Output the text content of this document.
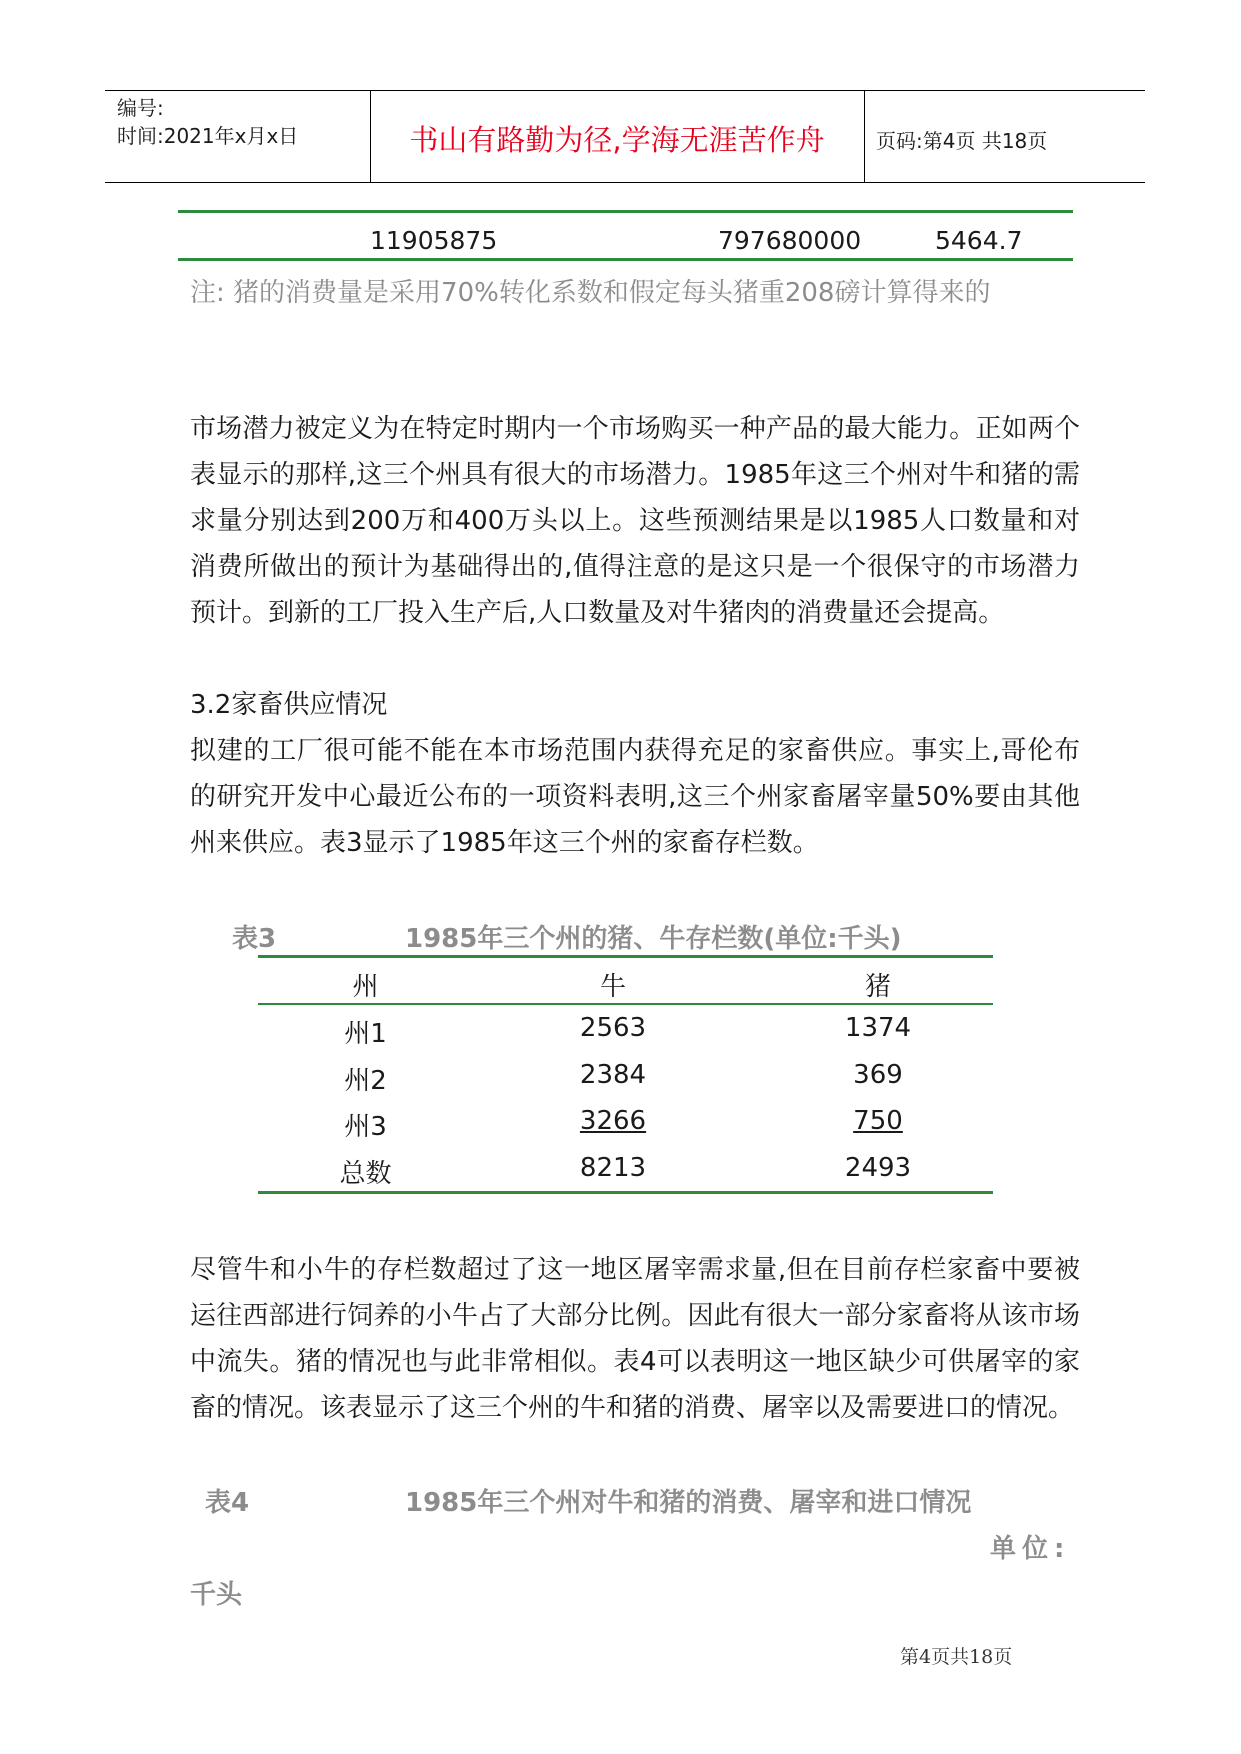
编号:
时间:2021年x月x日	书山有路勤为径,学海无涯苦作舟	页码:第4页 共18页
11905875	797680000	5464.7
注: 猪的消费量是采用70%转化系数和假定每头猪重208磅计算得来的

市场潜力被定义为在特定时期内一个市场购买一种产品的最大能力。正如两个表显示的那样,这三个州具有很大的市场潜力。1985年这三个州对牛和猪的需求量分别达到200万和400万头以上。这些预测结果是以1985人口数量和对消费所做出的预计为基础得出的,值得注意的是这只是一个很保守的市场潜力预计。到新的工厂投入生产后,人口数量及对牛猪肉的消费量还会提高。

3.2家畜供应情况

拟建的工厂很可能不能在本市场范围内获得充足的家畜供应。事实上,哥伦布的研究开发中心最近公布的一项资料表明,这三个州家畜屠宰量50%要由其他州来供应。表3显示了1985年这三个州的家畜存栏数。

表3	1985年三个州的猪、牛存栏数(单位:千头)
州	牛	猪
州1	2563	1374
州2	2384	369
州3	3266	750
总数	8213	2493

尽管牛和小牛的存栏数超过了这一地区屠宰需求量,但在目前存栏家畜中要被运往西部进行饲养的小牛占了大部分比例。因此有很大一部分家畜将从该市场中流失。猪的情况也与此非常相似。表4可以表明这一地区缺少可供屠宰的家畜的情况。该表显示了这三个州的牛和猪的消费、屠宰以及需要进口的情况。

表4	1985年三个州对牛和猪的消费、屠宰和进口情况
单位:
千头
第4页共18页
